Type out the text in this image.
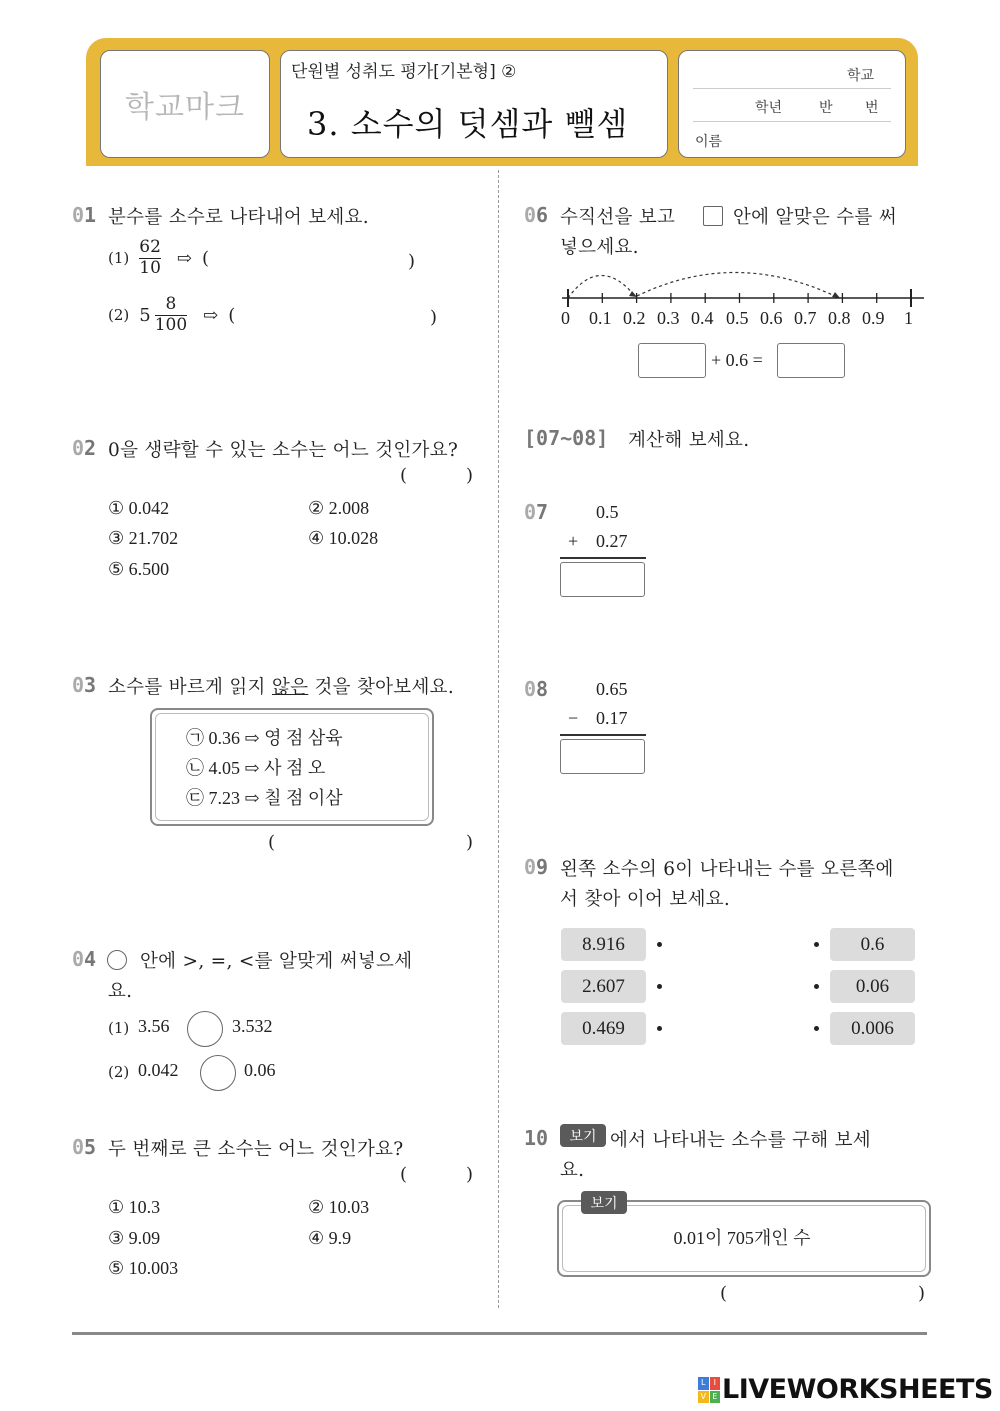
학교마크
단원별 성취도 평가[기본형] ②
3. 소수의 덧셈과 뺄셈
학교
학년	반 번
이름
01 분수를 소수로 나타내어 보세요.
$(1) \frac{62}{10}$ ⇨ (	)
(2) $5 \frac{8}{100}$ ⇨ (	)
02 0을 생략할 수 있는 소수는 어느 것인가요?
(	)
① 0.042	② 2.008
③ 21.702	④ 10.028
⑤ 6.500
03 소수를 바르게 읽지 않은 것을 찾아보세요.
㉠ 0.36 ⇨ 영 점 삼육
㉡ 4.05 ⇨ 사 점 오
㉢ 7.23 ⇨ 칠 점 이삼
(	)
04 안에 >, =, <를 알맞게 써넣으세
요.
(1) 3.56	3.532
(2) 0.042	0.06
05 두 번째로 큰 소수는 어느 것인가요?
(	)
① 10.3	② 10.03
③ 9.09	④ 9.9
⑤ 10.003
06 수직선을 보고	안에 알맞은 수를 써
넣으세요.
0 0.1 0.2 0.3 0.4 0.5 0.6 0.7 0.8 0.9 1
+ 0.6 =
[07~08] 계산해 보세요.
07	0.5
+ 0.27
08	0.65
− 0.17
09 왼쪽 소수의 6이 나타내는 수를 오른쪽에
서 찾아 이어 보세요.
8.916
2.607
0.469
0.6
0.06
0.006
10	보기 에서 나타내는 소수를 구해 보세
요.
보기
0.01이 705개인 수
(	)
L	I
V E LIVEWORKSHEETS
